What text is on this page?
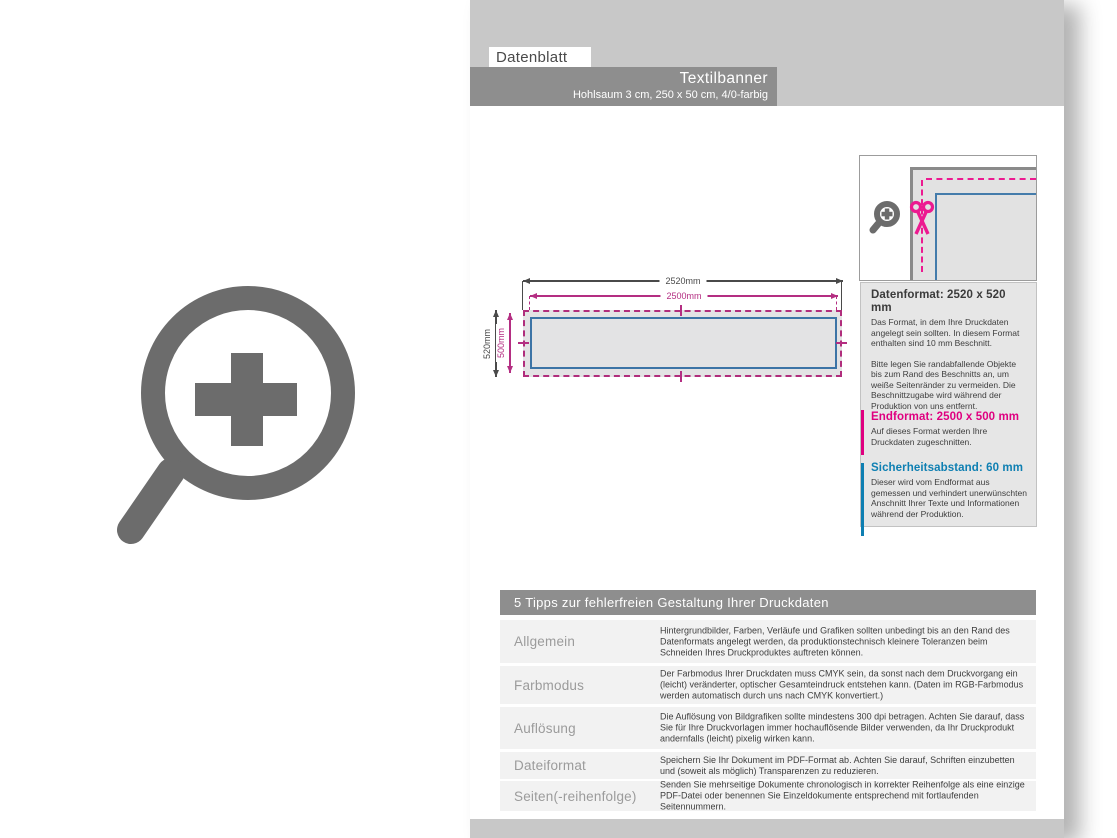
Datenblatt
Textilbanner
Hohlsaum 3 cm, 250 x 50 cm, 4/0-farbig
2520mm
2500mm
520mm 500mm
Datenformat: 2520 x 520 mm
Das Format, in dem Ihre Druckdaten angelegt sein sollten. In diesem Format enthalten sind 10 mm Beschnitt.
Bitte legen Sie randabfallende Objekte bis zum Rand des Beschnitts an, um weiße Seitenränder zu vermeiden. Die Beschnittzugabe wird während der Produktion von uns entfernt.
Endformat: 2500 x 500 mm
Auf dieses Format werden Ihre Druckdaten zugeschnitten.
Sicherheitsabstand: 60 mm
Dieser wird vom Endformat aus gemessen und verhindert unerwünschten Anschnitt Ihrer Texte und Informationen während der Produktion.
5 Tipps zur fehlerfreien Gestaltung Ihrer Druckdaten
Allgemein
Hintergrundbilder, Farben, Verläufe und Grafiken sollten unbedingt bis an den Rand des Datenformats angelegt werden, da produktionstechnisch kleinere Toleranzen beim Schneiden Ihres Druckproduktes auftreten können.
Farbmodus
Der Farbmodus Ihrer Druckdaten muss CMYK sein, da sonst nach dem Druckvorgang ein (leicht) veränderter, optischer Gesamteindruck entstehen kann. (Daten im RGB-Farbmodus werden automatisch durch uns nach CMYK konvertiert.)
Auflösung
Die Auflösung von Bildgrafiken sollte mindestens 300 dpi betragen. Achten Sie darauf, dass Sie für Ihre Druckvorlagen immer hochauflösende Bilder verwenden, da Ihr Druckprodukt andernfalls (leicht) pixelig wirken kann.
Dateiformat	Speichern Sie Ihr Dokument im PDF-Format ab. Achten Sie darauf, Schriften einzubetten und (soweit als möglich) Transparenzen zu reduzieren.
Seiten(-reihenfolge)
Senden Sie mehrseitige Dokumente chronologisch in korrekter Reihenfolge als eine einzige PDF-Datei oder benennen Sie Einzeldokumente entsprechend mit fortlaufenden Seitennummern.
